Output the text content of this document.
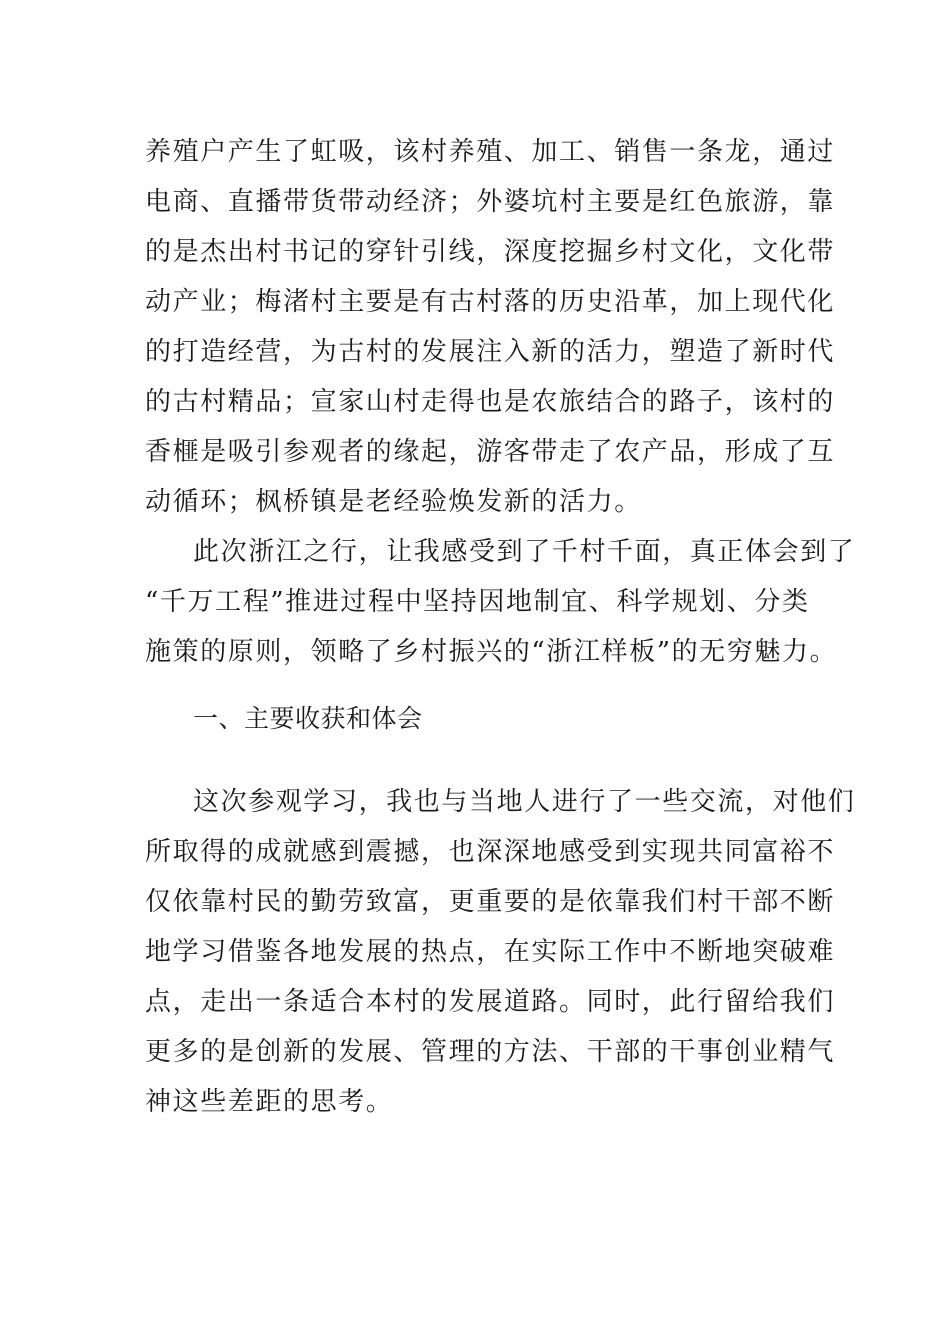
养殖户产生了虹吸，该村养殖、加工、销售一条龙，通过
电商、直播带货带动经济；外婆坑村主要是红色旅游，靠
的是杰出村书记的穿针引线，深度挖掘乡村文化，文化带
动产业；梅渚村主要是有古村落的历史沿革，加上现代化
的打造经营，为古村的发展注入新的活力，塑造了新时代
的古村精品；宣家山村走得也是农旅结合的路子，该村的
香榧是吸引参观者的缘起，游客带走了农产品，形成了互
动循环；枫桥镇是老经验焕发新的活力。
此次浙江之行，让我感受到了千村千面，真正体会到了
“千万工程”推进过程中坚持因地制宜、科学规划、分类
施策的原则，领略了乡村振兴的“浙江样板”的无穷魅力。
一、主要收获和体会
这次参观学习，我也与当地人进行了一些交流，对他们
所取得的成就感到震撼，也深深地感受到实现共同富裕不
仅依靠村民的勤劳致富，更重要的是依靠我们村干部不断
地学习借鉴各地发展的热点，在实际工作中不断地突破难
点，走出一条适合本村的发展道路。同时，此行留给我们
更多的是创新的发展、管理的方法、干部的干事创业精气
神这些差距的思考。
